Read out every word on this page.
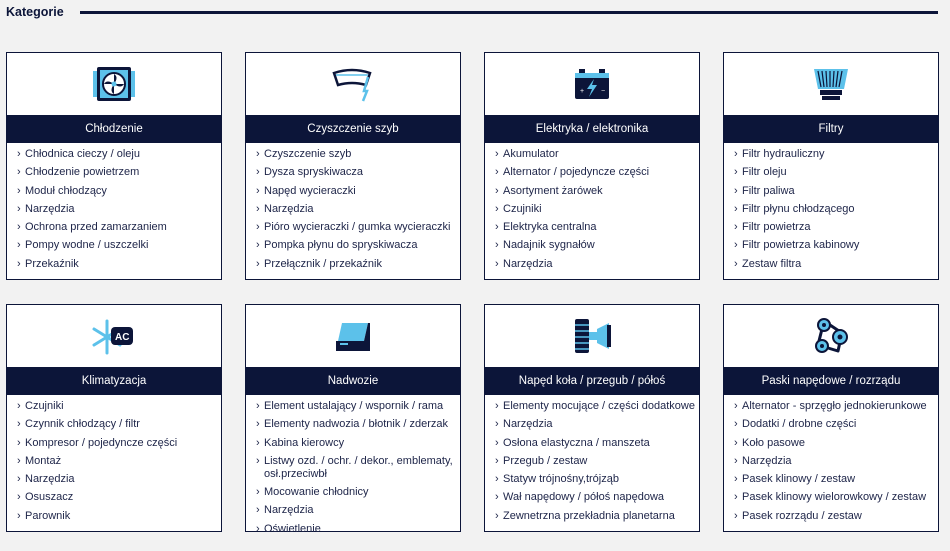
Kategorie
Chłodzenie
› Chłodnica cieczy / oleju
› Chłodzenie powietrzem
› Moduł chłodzący
› Narzędzia
› Ochrona przed zamarzaniem
› Pompy wodne / uszczelki
› Przekaźnik
Czyszczenie szyb
› Czyszczenie szyb
› Dysza spryskiwacza
› Napęd wycieraczki
› Narzędzia
› Pióro wycieraczki / gumka wycieraczki
› Pompka płynu do spryskiwacza
› Przełącznik / przekaźnik
+ −
Elektryka / elektronika
› Akumulator
› Alternator / pojedyncze części
› Asortyment żarówek
› Czujniki
› Elektryka centralna
› Nadajnik sygnałów
› Narzędzia
Filtry
› Filtr hydrauliczny
› Filtr oleju
› Filtr paliwa
› Filtr płynu chłodzącego
› Filtr powietrza
› Filtr powietrza kabinowy
› Zestaw filtra
AC
Klimatyzacja
› Czujniki
› Czynnik chłodzący / filtr
› Kompresor / pojedyncze części
› Montaż
› Narzędzia
› Osuszacz
› Parownik
Nadwozie
› Element ustalający / wspornik / rama
› Elementy nadwozia / błotnik / zderzak
› Kabina kierowcy
› Listwy ozd. / ochr. / dekor., emblematy, osł.przeciwbł
› Mocowanie chłodnicy
› Narzędzia
› Oświetlenie
Napęd koła / przegub / półoś
› Elementy mocujące / części dodatkowe
› Narzędzia
› Osłona elastyczna / manszeta
› Przegub / zestaw
› Statyw trójnośny,trójząb
› Wał napędowy / półoś napędowa
› Zewnetrzna przekładnia planetarna
Paski napędowe / rozrządu
› Alternator - sprzęgło jednokierunkowe
› Dodatki / drobne części
› Koło pasowe
› Narzędzia
› Pasek klinowy / zestaw
› Pasek klinowy wielorowkowy / zestaw
› Pasek rozrządu / zestaw
